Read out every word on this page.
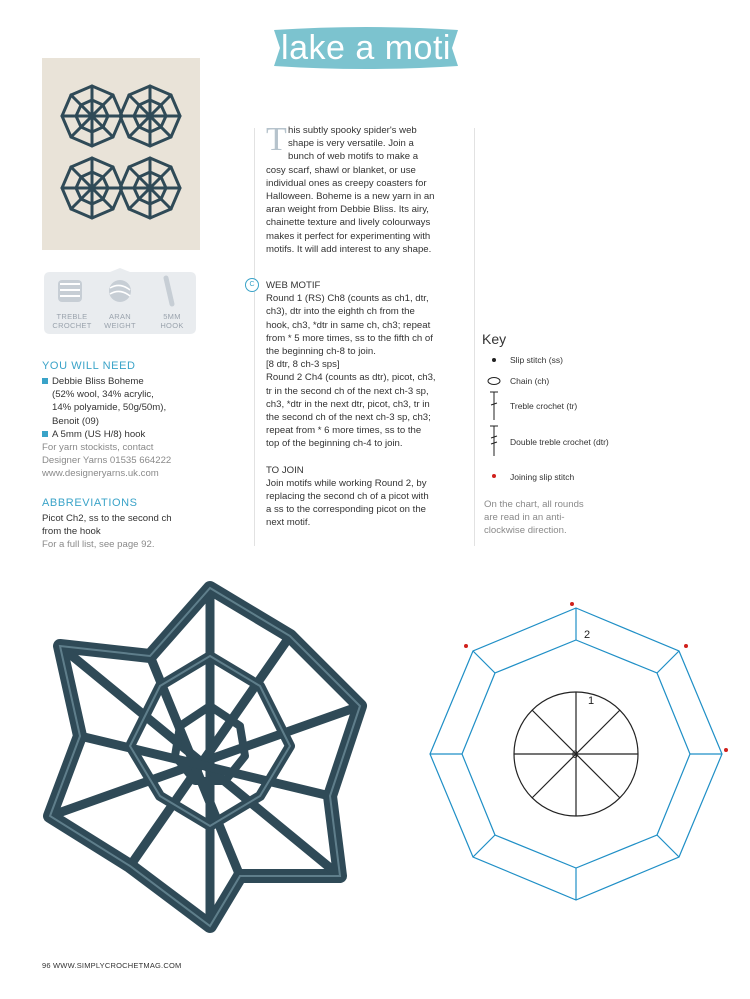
lake a moti
TREBLE
CROCHET
ARAN
WEIGHT
5MM
HOOK
YOU WILL NEED
Debbie Bliss Boheme
(52% wool, 34% acrylic,
14% polyamide, 50g/50m),
Benoit (09)
A 5mm (US H/8) hook
For yarn stockists, contact
Designer Yarns 01535 664222
www.designeryarns.uk.com
ABBREVIATIONS
Picot Ch2, ss to the second ch
from the hook
For a full list, see page 92.
T his subtly spooky spider's web
shape is very versatile. Join a
bunch of web motifs to make a
cosy scarf, shawl or blanket, or use
individual ones as creepy coasters for
Halloween. Boheme is a new yarn in an
aran weight from Debbie Bliss. Its airy,
chainette texture and lively colourways
makes it perfect for experimenting with
motifs. It will add interest to any shape.
C	WEB MOTIF
Round 1 (RS) Ch8 (counts as ch1, dtr,
ch3), dtr into the eighth ch from the
hook, ch3, *dtr in same ch, ch3; repeat
from * 5 more times, ss to the fifth ch of
the beginning ch-8 to join.
[8 dtr, 8 ch-3 sps]
Round 2 Ch4 (counts as dtr), picot, ch3,
tr in the second ch of the next ch-3 sp,
ch3, *dtr in the next dtr, picot, ch3, tr in
the second ch of the next ch-3 sp, ch3;
repeat from * 6 more times, ss to the
top of the beginning ch-4 to join.
TO JOIN
Join motifs while working Round 2, by
replacing the second ch of a picot with
a ss to the corresponding picot on the
next motif.
Key
Slip stitch (ss)
Chain (ch)
Treble crochet (tr)
Double treble crochet (dtr)
Joining slip stitch
On the chart, all rounds
are read in an anti-
clockwise direction.
1
2
0
96 WWW.SIMPLYCROCHETMAG.COM
